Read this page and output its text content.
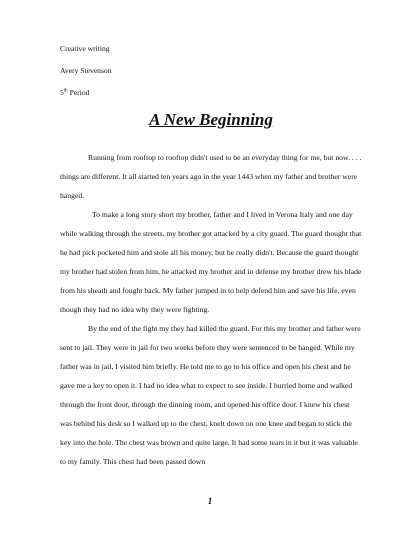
Creative writing
Avery Stevenson
5th Period
A New Beginning

Running from rooftop to rooftop didn't used to be an everyday thing for me, but now. . . . things are different. It all started ten years ago in the year 1443 when my father and brother were hanged.

To make a long story short my brother, father and I lived in Verona Italy and one day while walking through the streets, my brother got attacked by a city guard. The guard thought that he had pick pocketed him and stole all his money, but he really didn't. Because the guard thought my brother had stolen from him, he attacked my brother and in defense my brother drew his blade from his sheath and fought back. My father jumped in to help defend him and save his life, even though they had no idea why they were fighting.

By the end of the fight my they had killed the guard. For this my brother and father were sent to jail. They were in jail for two weeks before they were sentenced to be hanged. While my father was in jail, I visited him briefly. He told me to go to his office and open his chest and he gave me a key to open it. I had no idea what to expect to see inside. I hurried home and walked through the front door, through the dinning room, and opened his office door. I knew his chest was behind his desk so I walked up to the chest, knelt down on one knee and began to stick the key into the hole. The chest was brown and quite large. It had some tears in it but it was valuable to my family. This chest had been passed down

1
